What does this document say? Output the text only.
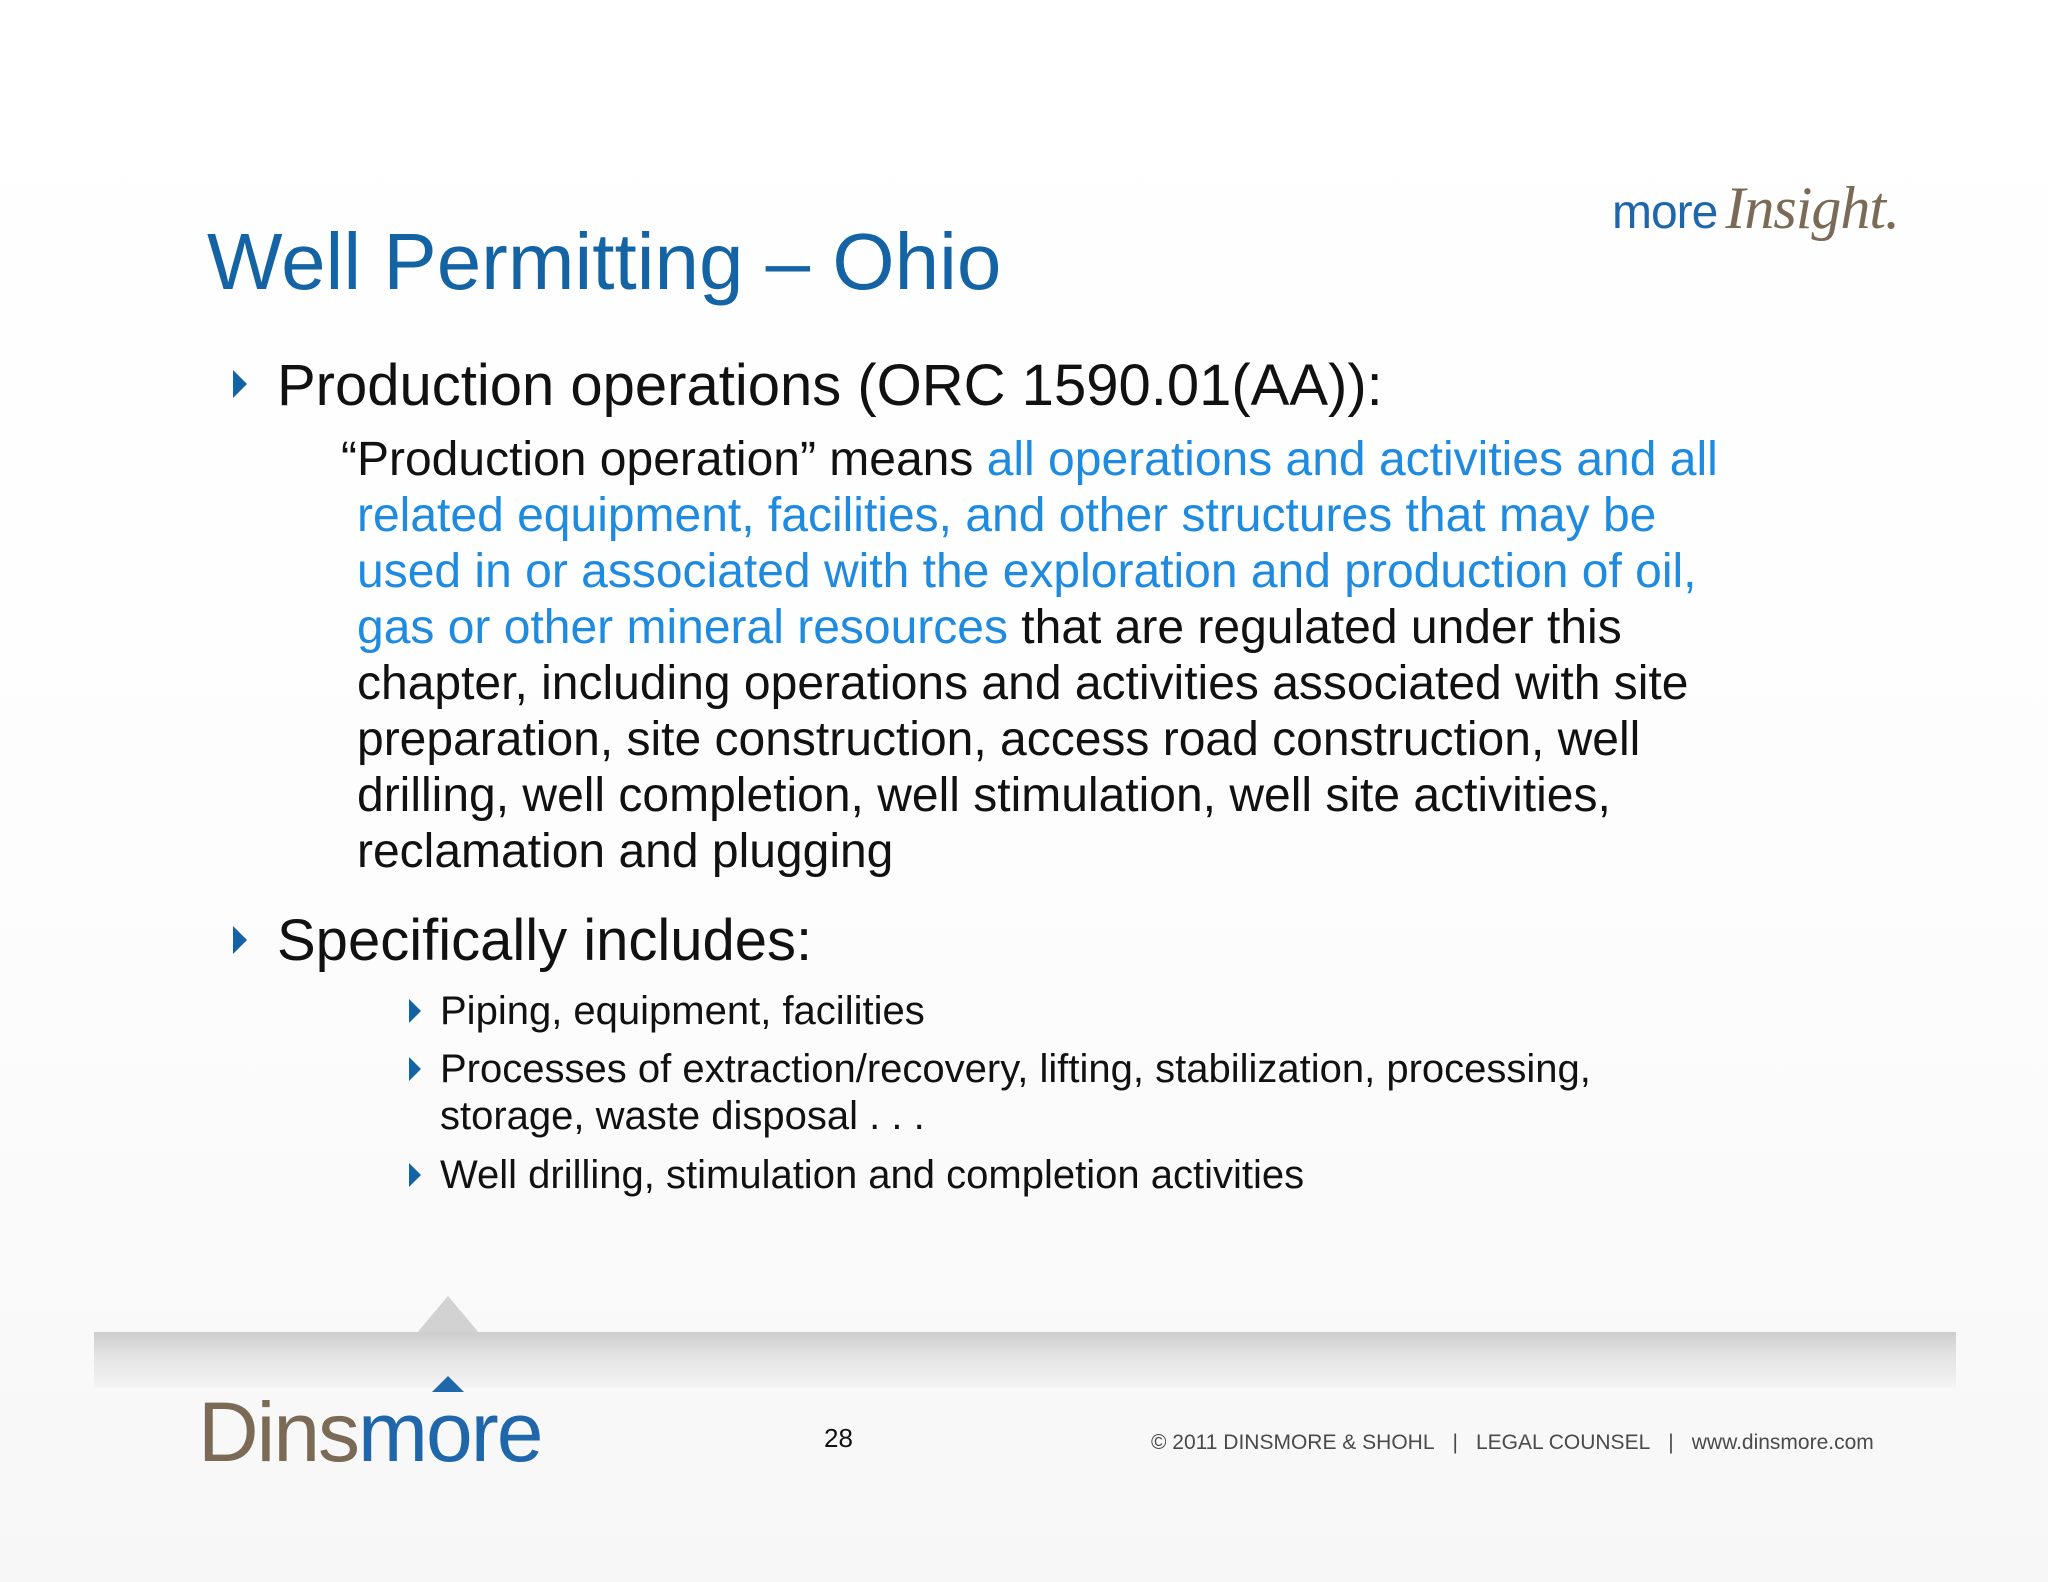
more Insight.
Well Permitting – Ohio
Production operations (ORC 1590.01(AA)):
“Production operation” means all operations and activities and all
related equipment, facilities, and other structures that may be
used in or associated with the exploration and production of oil,
gas or other mineral resources that are regulated under this
chapter, including operations and activities associated with site
preparation, site construction, access road construction, well
drilling, well completion, well stimulation, well site activities,
reclamation and plugging
Specifically includes:
Piping, equipment, facilities
Processes of extraction/recovery, lifting, stabilization, processing,
storage, waste disposal . . .
Well drilling, stimulation and completion activities
Dinsm
ore	28	© 2011 DINSMORE & SHOHL | LEGAL COUNSEL | www.dinsmore.com
